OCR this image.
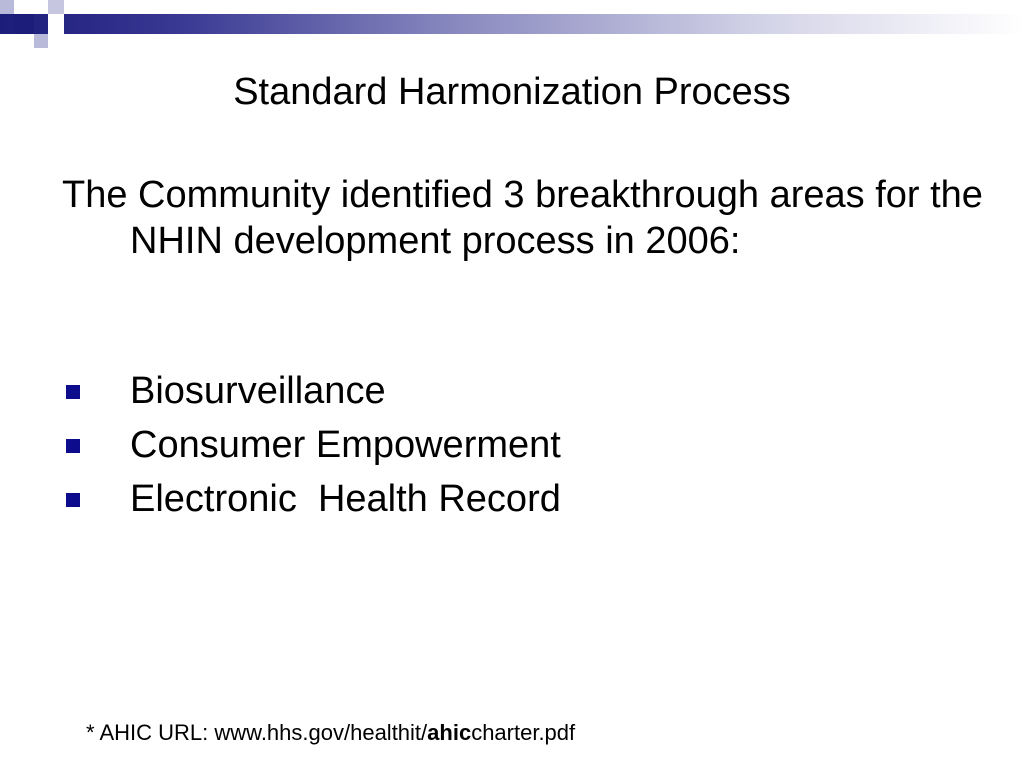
Standard Harmonization Process
The Community identified 3 breakthrough areas for the NHIN development process in 2006:
Biosurveillance
Consumer Empowerment
Electronic  Health Record
* AHIC URL: www.hhs.gov/healthit/ahiccharter.pdf
